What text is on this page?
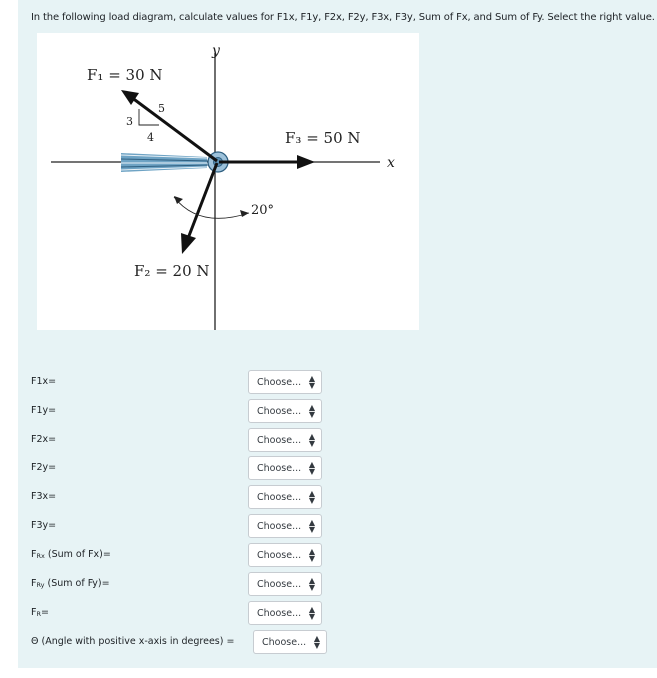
In the following load diagram, calculate values for F1x, F1y, F2x, F2y, F3x, F3y, Sum of Fx, and Sum of Fy. Select the right value.
y
x
5
3
4
F₁ = 30 N
F₃ = 50 N
F₂ = 20 N
20°
F1x=	Choose... ▲
▼
F1y=	Choose... ▲
▼
F2x=	Choose... ▲
▼
F2y=	Choose... ▲
▼
F3x=	Choose... ▲
▼
F3y=	Choose... ▲
▼
$F_{Rx}$ (Sum of Fx)=	Choose... ▲
▼
$F_{Ry}$ (Sum of Fy)=	Choose... ▲
▼
$F_R=$	Choose... ▲
▼
Θ (Angle with positive x-axis in degrees) =	Choose... ▲
▼
